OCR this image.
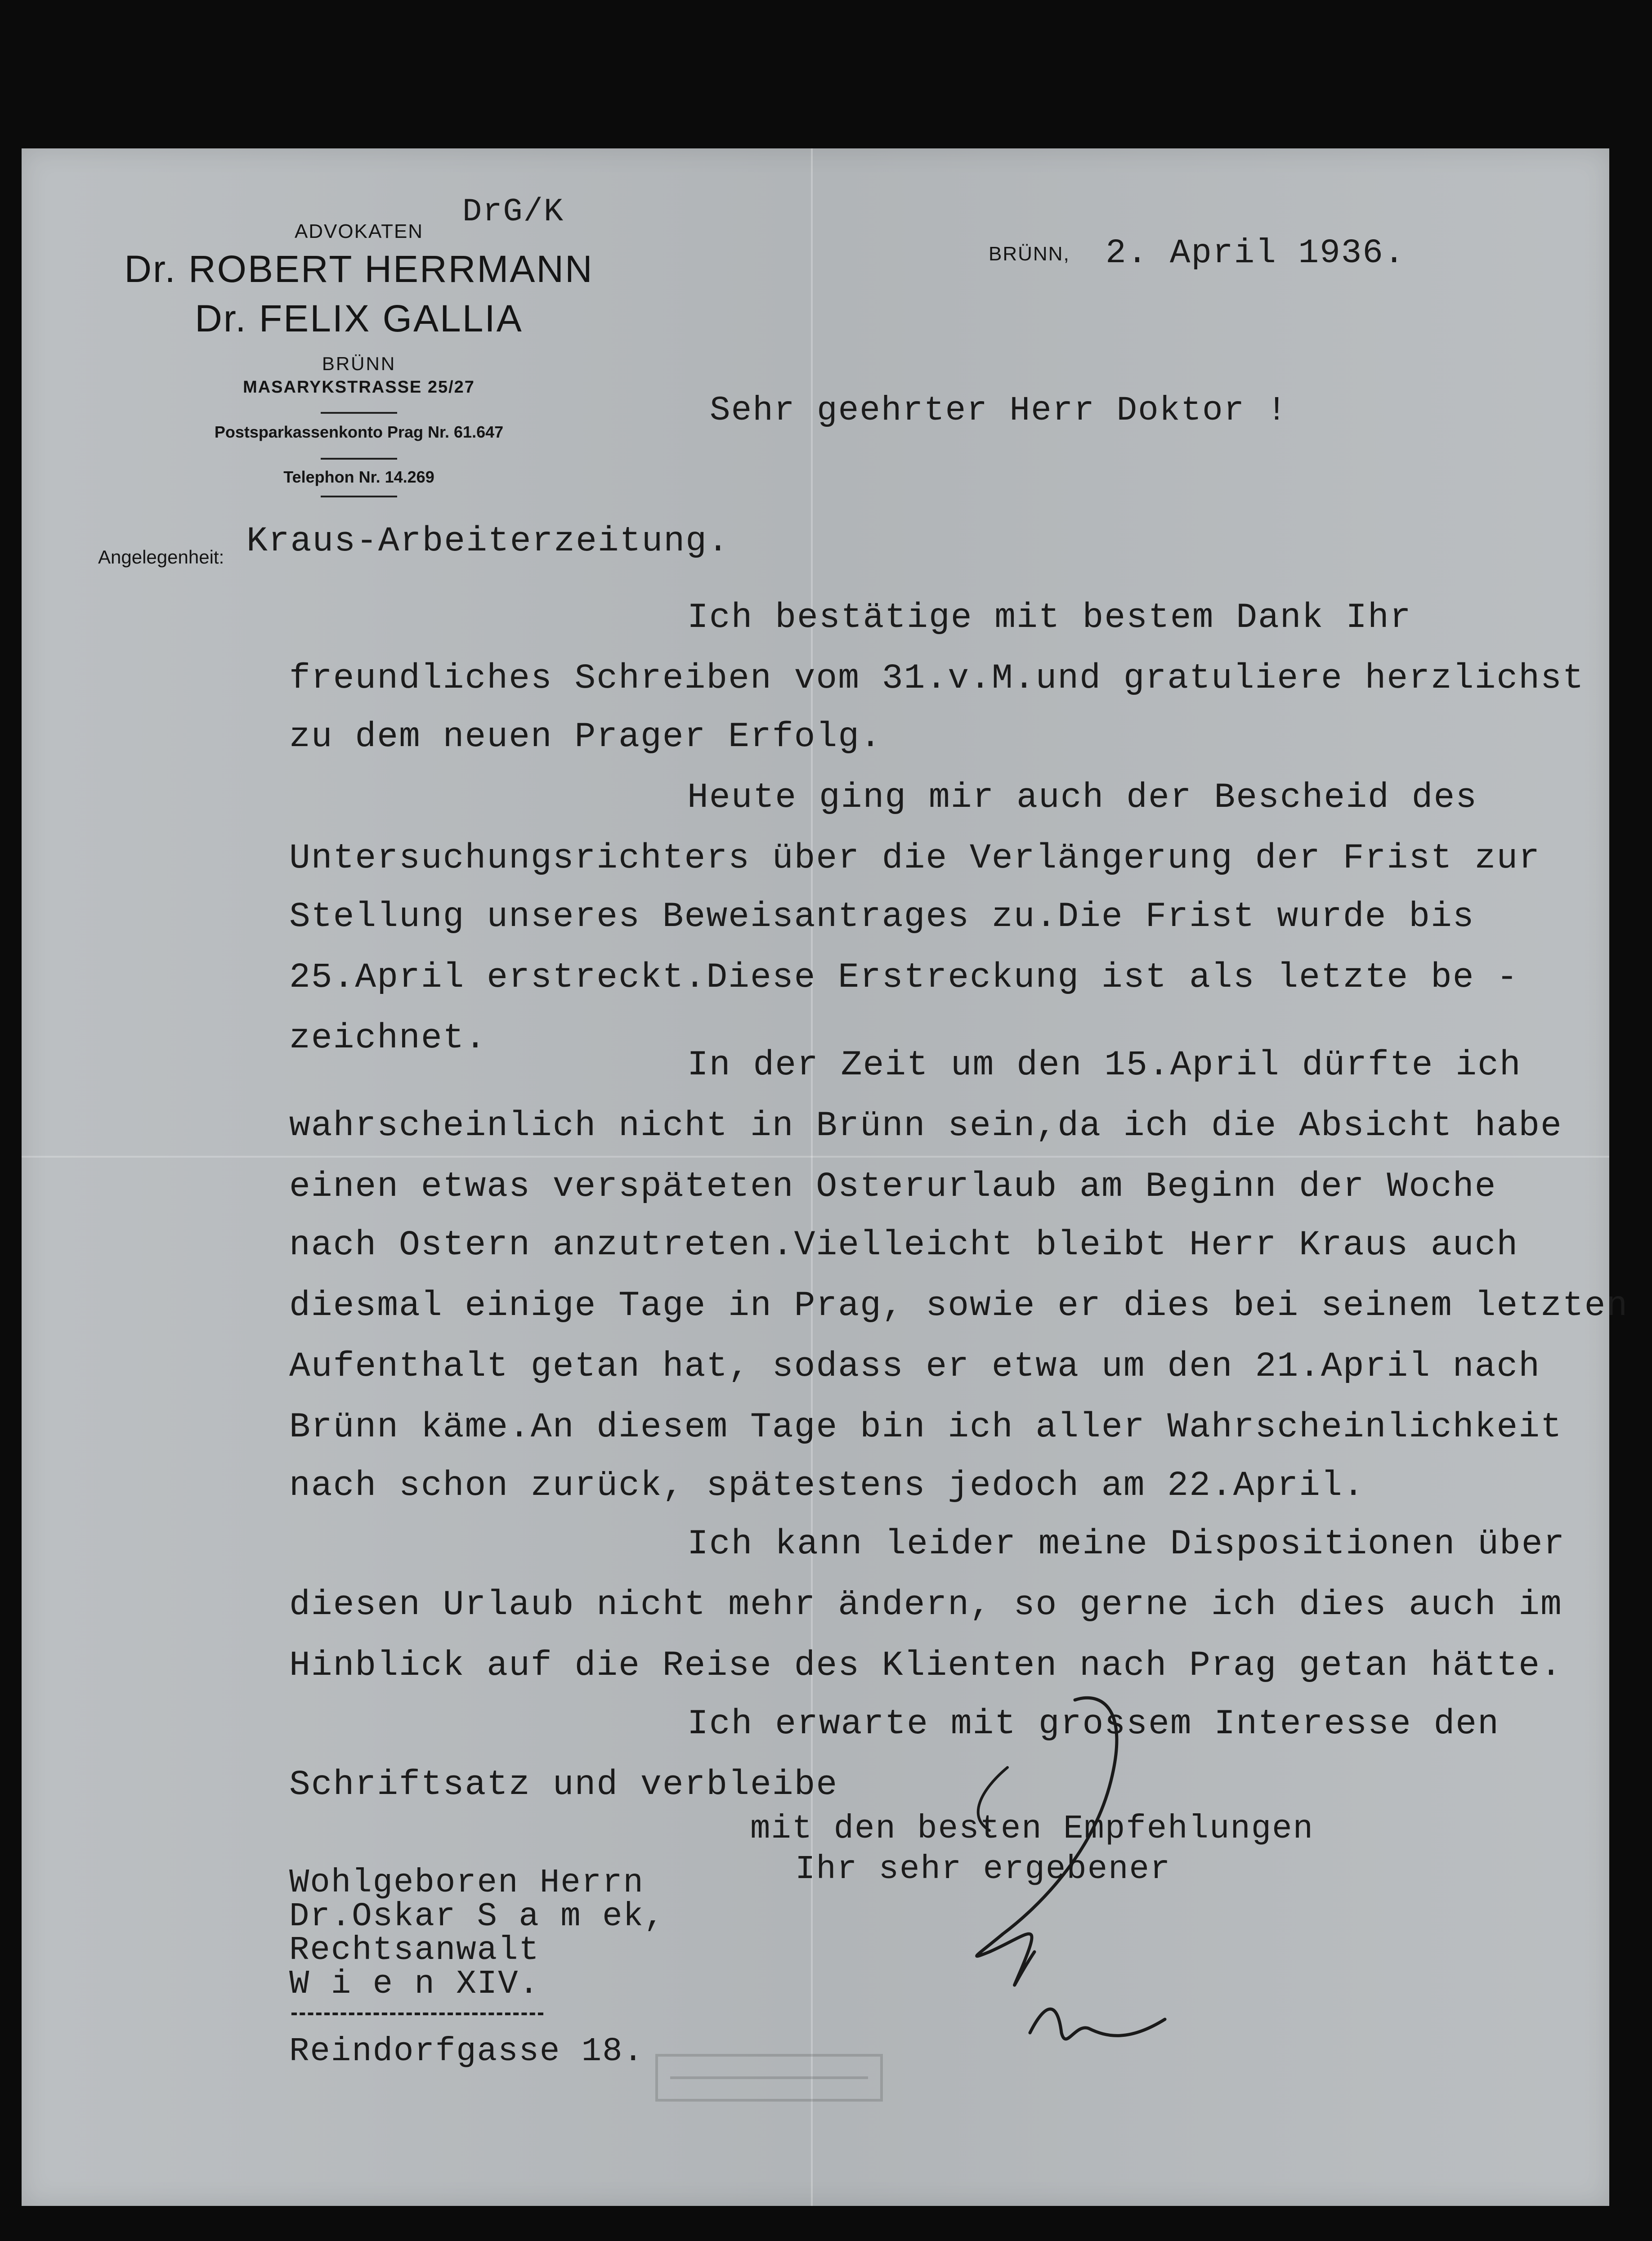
ADVOKATEN
Dr. ROBERT HERRMANN
Dr. FELIX GALLIA
BRÜNN
MASARYKSTRASSE 25/27
Postsparkassenkonto Prag Nr. 61.647
Telephon Nr. 14.269
Angelegenheit:
DrG/K
BRÜNN,	2. April 1936.
Sehr geehrter Herr Doktor !
Kraus-Arbeiterzeitung.
Ich bestätige mit bestem Dank Ihr
freundliches Schreiben vom 31.v.M.und gratuliere herzlichst
zu dem neuen Prager Erfolg.
Heute ging mir auch der Bescheid des
Untersuchungsrichters über die Verlängerung der Frist zur
Stellung unseres Beweisantrages zu.Die Frist wurde bis
25.April erstreckt.Diese Erstreckung ist als letzte be -
zeichnet.
In der Zeit um den 15.April dürfte ich
wahrscheinlich nicht in Brünn sein,da ich die Absicht habe
einen etwas verspäteten Osterurlaub am Beginn der Woche
nach Ostern anzutreten.Vielleicht bleibt Herr Kraus auch
diesmal einige Tage in Prag, sowie er dies bei seinem letzten
Aufenthalt getan hat, sodass er etwa um den 21.April nach
Brünn käme.An diesem Tage bin ich aller Wahrscheinlichkeit
nach schon zurück, spätestens jedoch am 22.April.
Ich kann leider meine Dispositionen über
diesen Urlaub nicht mehr ändern, so gerne ich dies auch im
Hinblick auf die Reise des Klienten nach Prag getan hätte.
Ich erwarte mit grossem Interesse den
Schriftsatz und verbleibe
mit den besten Empfehlungen
Ihr sehr ergebener
Wohlgeboren Herrn
Dr.Oskar S a m ek,
Rechtsanwalt
W i e n XIV.
Reindorfgasse 18.
